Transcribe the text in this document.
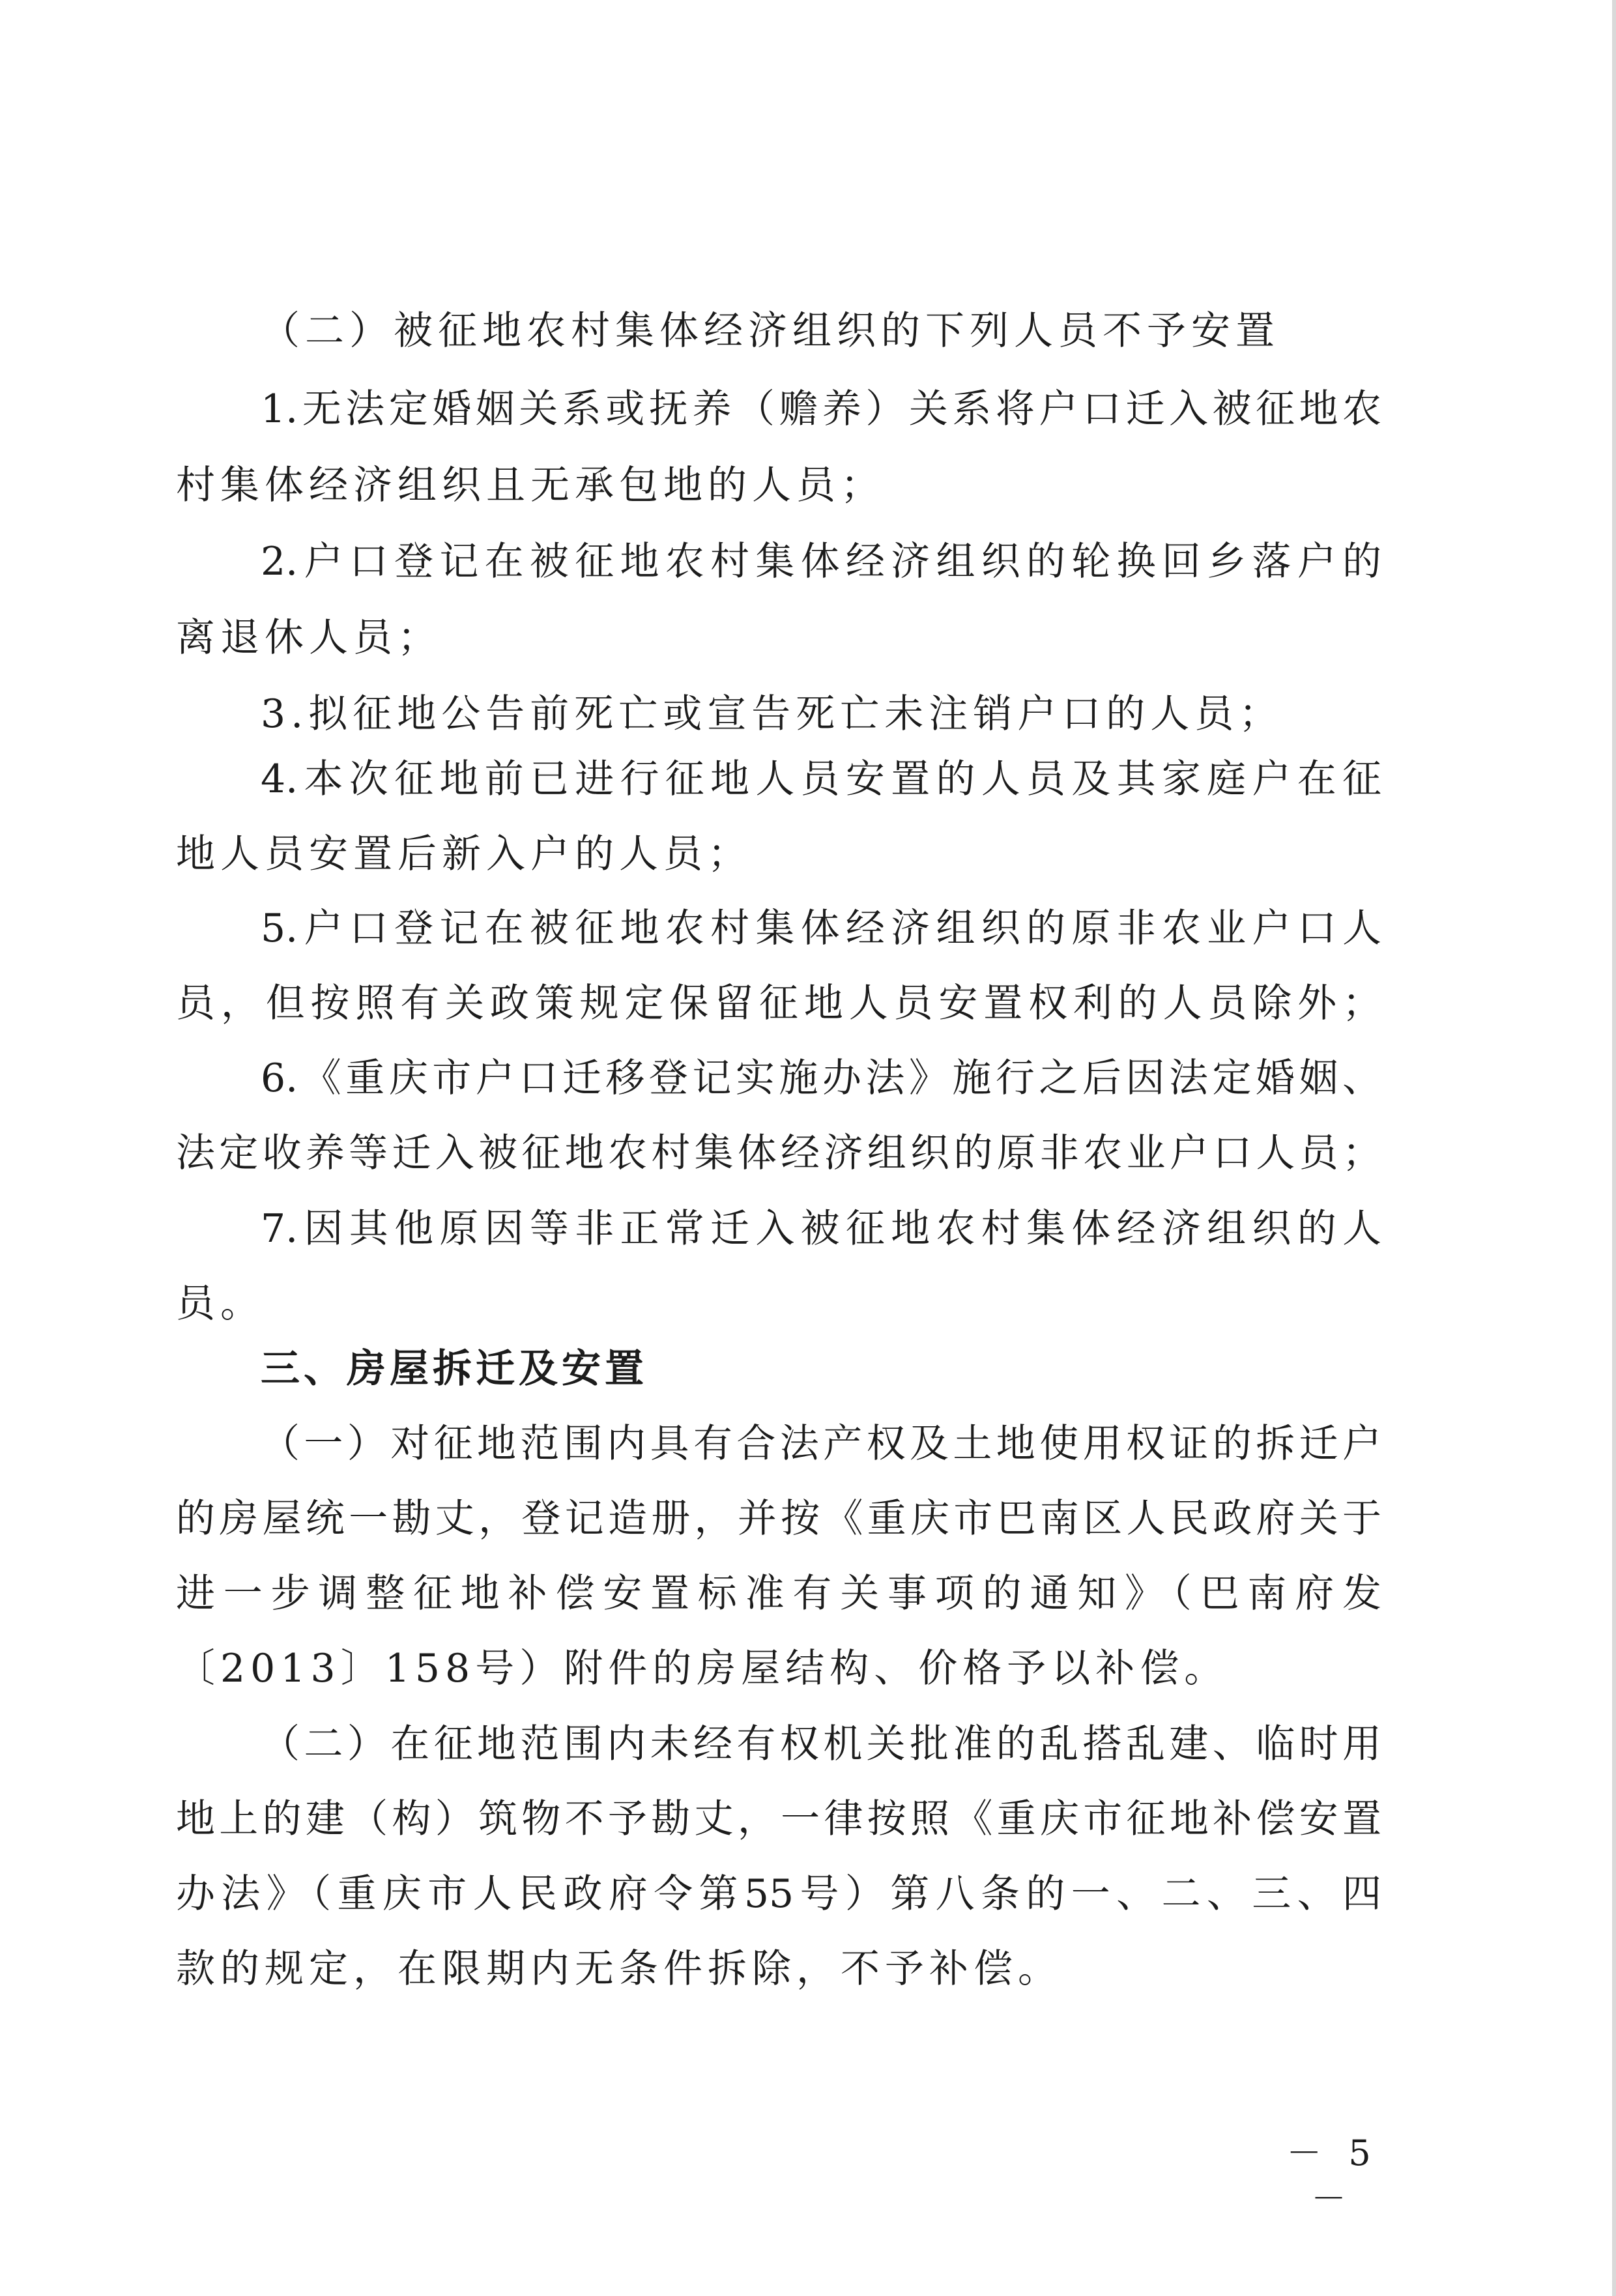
（二）被征地农村集体经济组织的下列人员不予安置
1.无法定婚姻关系或抚养（赡养）关系将户口迁入被征地农
村集体经济组织且无承包地的人员；
2.户口登记在被征地农村集体经济组织的轮换回乡落户的
离退休人员；
3.拟征地公告前死亡或宣告死亡未注销户口的人员；
4.本次征地前已进行征地人员安置的人员及其家庭户在征
地人员安置后新入户的人员；
5.户口登记在被征地农村集体经济组织的原非农业户口人
员，但按照有关政策规定保留征地人员安置权利的人员除外；
6.《重庆市户口迁移登记实施办法》施行之后因法定婚姻、
法定收养等迁入被征地农村集体经济组织的原非农业户口人员；
7.因其他原因等非正常迁入被征地农村集体经济组织的人
员。
三、房屋拆迁及安置
（一）对征地范围内具有合法产权及土地使用权证的拆迁户
的房屋统一勘丈，登记造册，并按《重庆市巴南区人民政府关于
进一步调整征地补偿安置标准有关事项的通知》（巴南府发
〔2013〕158号）附件的房屋结构、价格予以补偿。
（二）在征地范围内未经有权机关批准的乱搭乱建、临时用
地上的建（构）筑物不予勘丈，一律按照《重庆市征地补偿安置
办法》（重庆市人民政府令第55号）第八条的一、二、三、四
款的规定，在限期内无条件拆除，不予补偿。
－ 5 －
